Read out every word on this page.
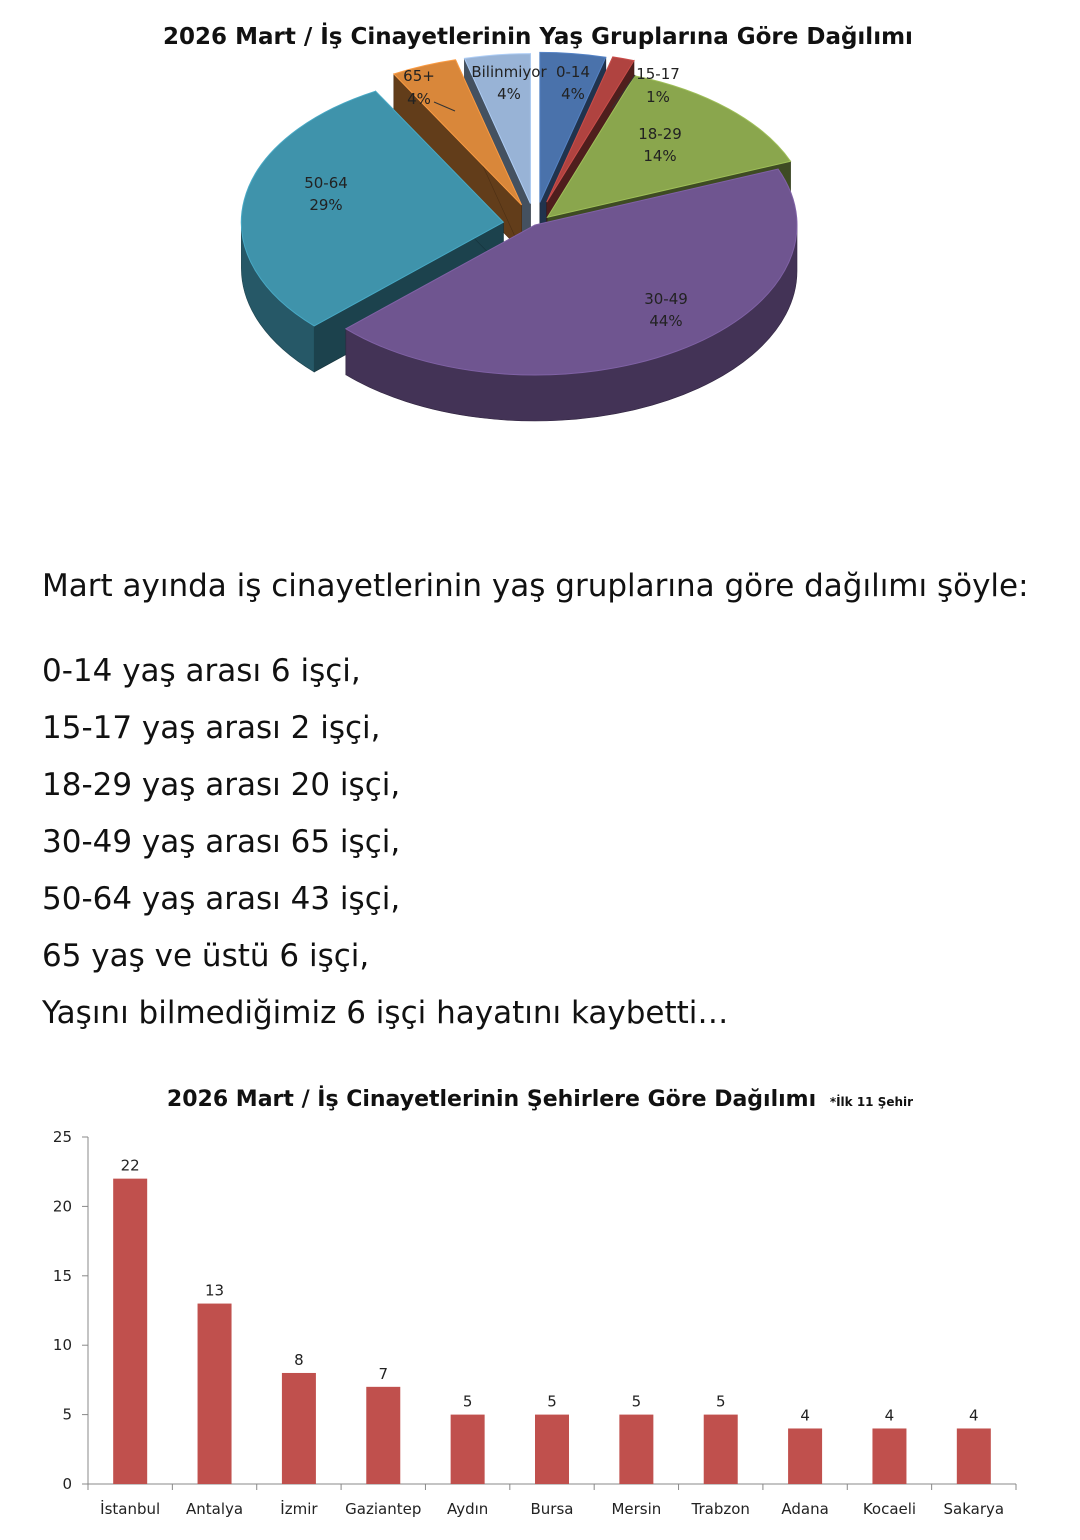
2026 Mart / İş Cinayetlerinin Yaş Gruplarına Göre Dağılımı
0-14
4%
15-17
1%
18-29
14%
30-49
44%
50-64
29%
65+
4%
Bilinmiyor
4%

Mart ayında iş cinayetlerinin yaş gruplarına göre dağılımı şöyle:

0-14 yaş arası 6 işçi,

15-17 yaş arası 2 işçi,

18-29 yaş arası 20 işçi,

30-49 yaş arası 65 işçi,

50-64 yaş arası 43 işçi,

65 yaş ve üstü 6 işçi,

Yaşını bilmediğimiz 6 işçi hayatını kaybetti…

2026 Mart / İş Cinayetlerinin Şehirlere Göre Dağılımı *İlk 11 Şehir
0
5
10
15
20
25
22
İstanbul
13
Antalya
8
İzmir
7
Gaziantep
5
Aydın
5
Bursa
5
Mersin
5
Trabzon
4
Adana
4
Kocaeli
4
Sakarya
